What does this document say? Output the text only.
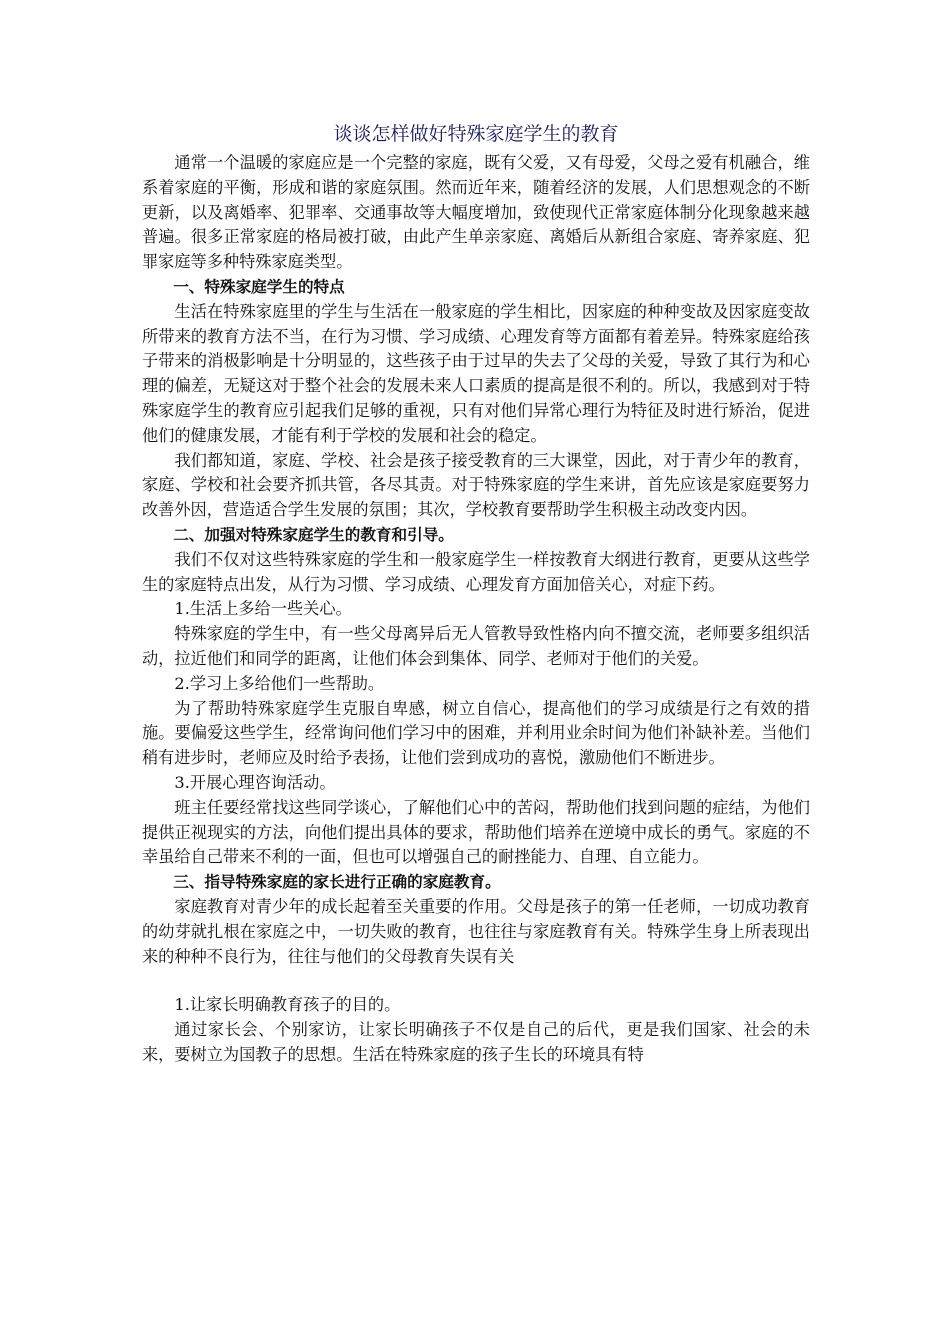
谈谈怎样做好特殊家庭学生的教育

通常一个温暖的家庭应是一个完整的家庭，既有父爱，又有母爱，父母之爱有机融合，维系着家庭的平衡，形成和谐的家庭氛围。然而近年来，随着经济的发展，人们思想观念的不断更新，以及离婚率、犯罪率、交通事故等大幅度增加，致使现代正常家庭体制分化现象越来越普遍。很多正常家庭的格局被打破，由此产生单亲家庭、离婚后从新组合家庭、寄养家庭、犯罪家庭等多种特殊家庭类型。

一、特殊家庭学生的特点

生活在特殊家庭里的学生与生活在一般家庭的学生相比，因家庭的种种变故及因家庭变故所带来的教育方法不当，在行为习惯、学习成绩、心理发育等方面都有着差异。特殊家庭给孩子带来的消极影响是十分明显的，这些孩子由于过早的失去了父母的关爱，导致了其行为和心理的偏差，无疑这对于整个社会的发展未来人口素质的提高是很不利的。所以，我感到对于特殊家庭学生的教育应引起我们足够的重视，只有对他们异常心理行为特征及时进行矫治，促进他们的健康发展，才能有利于学校的发展和社会的稳定。

我们都知道，家庭、学校、社会是孩子接受教育的三大课堂，因此，对于青少年的教育，家庭、学校和社会要齐抓共管，各尽其责。对于特殊家庭的学生来讲，首先应该是家庭要努力改善外因，营造适合学生发展的氛围；其次，学校教育要帮助学生积极主动改变内因。

二、加强对特殊家庭学生的教育和引导。

我们不仅对这些特殊家庭的学生和一般家庭学生一样按教育大纲进行教育，更要从这些学生的家庭特点出发，从行为习惯、学习成绩、心理发育方面加倍关心，对症下药。

1.生活上多给一些关心。

特殊家庭的学生中，有一些父母离异后无人管教导致性格内向不擅交流，老师要多组织活动，拉近他们和同学的距离，让他们体会到集体、同学、老师对于他们的关爱。

2.学习上多给他们一些帮助。

为了帮助特殊家庭学生克服自卑感，树立自信心，提高他们的学习成绩是行之有效的措施。要偏爱这些学生，经常询问他们学习中的困难，并利用业余时间为他们补缺补差。当他们稍有进步时，老师应及时给予表扬，让他们尝到成功的喜悦，激励他们不断进步。

3.开展心理咨询活动。

班主任要经常找这些同学谈心，了解他们心中的苦闷，帮助他们找到问题的症结，为他们提供正视现实的方法，向他们提出具体的要求，帮助他们培养在逆境中成长的勇气。家庭的不幸虽给自己带来不利的一面，但也可以增强自己的耐挫能力、自理、自立能力。

三、指导特殊家庭的家长进行正确的家庭教育。

家庭教育对青少年的成长起着至关重要的作用。父母是孩子的第一任老师，一切成功教育的幼芽就扎根在家庭之中，一切失败的教育，也往往与家庭教育有关。特殊学生身上所表现出来的种种不良行为，往往与他们的父母教育失误有关

1.让家长明确教育孩子的目的。

通过家长会、个别家访，让家长明确孩子不仅是自己的后代，更是我们国家、社会的未来，要树立为国教子的思想。生活在特殊家庭的孩子生长的环境具有特
